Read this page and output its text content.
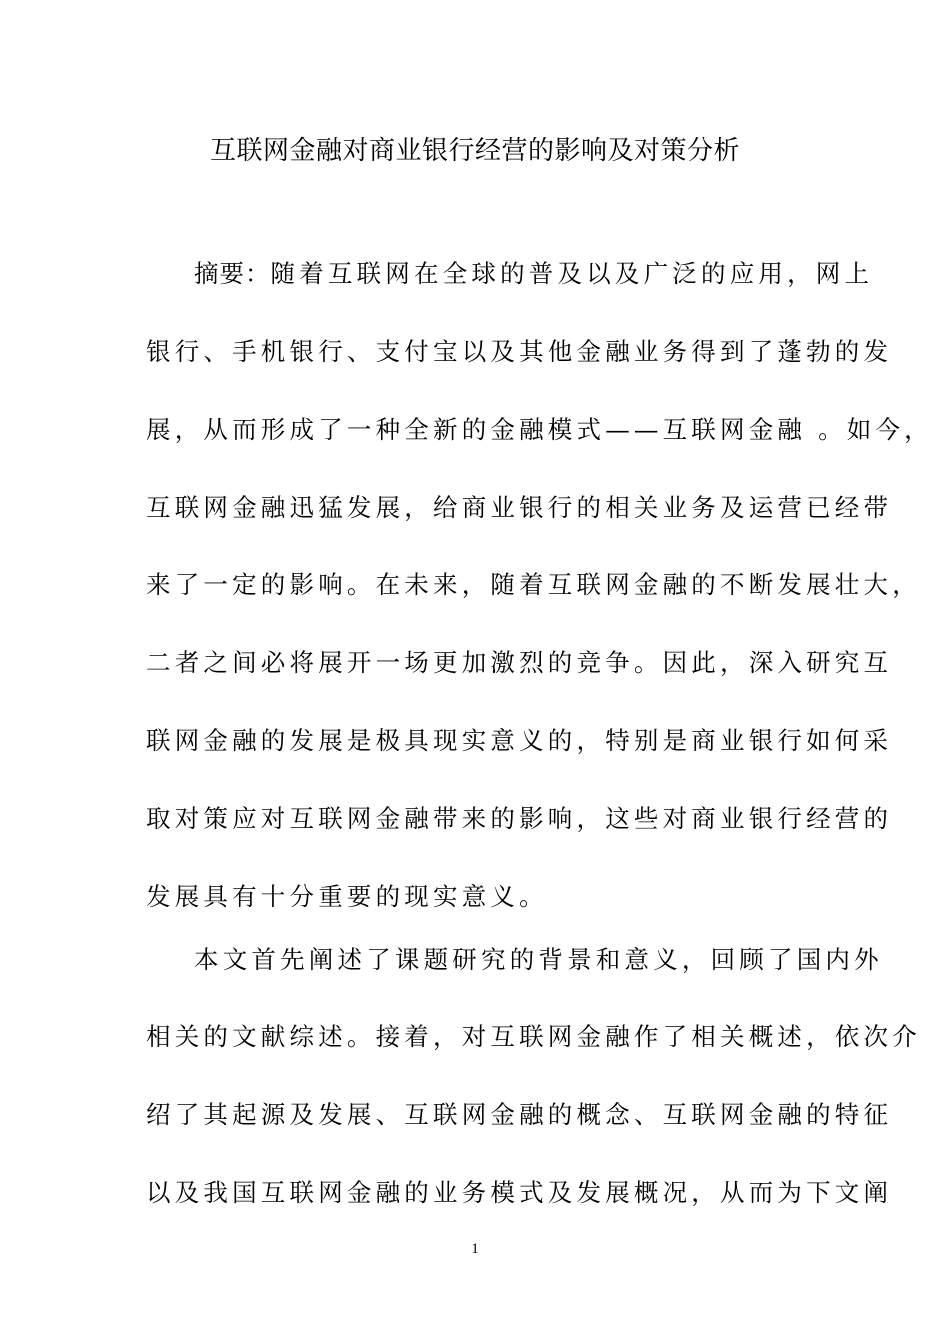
互联网金融对商业银行经营的影响及对策分析
摘要：随着互联网在全球的普及以及广泛的应用，网上
银行、手机银行、支付宝以及其他金融业务得到了蓬勃的发
展，从而形成了一种全新的金融模式——互联网金融 。如今，
互联网金融迅猛发展，给商业银行的相关业务及运营已经带
来了一定的影响。在未来，随着互联网金融的不断发展壮大，
二者之间必将展开一场更加激烈的竞争。因此，深入研究互
联网金融的发展是极具现实意义的，特别是商业银行如何采
取对策应对互联网金融带来的影响，这些对商业银行经营的
发展具有十分重要的现实意义。
本文首先阐述了课题研究的背景和意义，回顾了国内外
相关的文献综述。接着，对互联网金融作了相关概述，依次介
绍了其起源及发展、互联网金融的概念、互联网金融的特征
以及我国互联网金融的业务模式及发展概况，从而为下文阐
1
